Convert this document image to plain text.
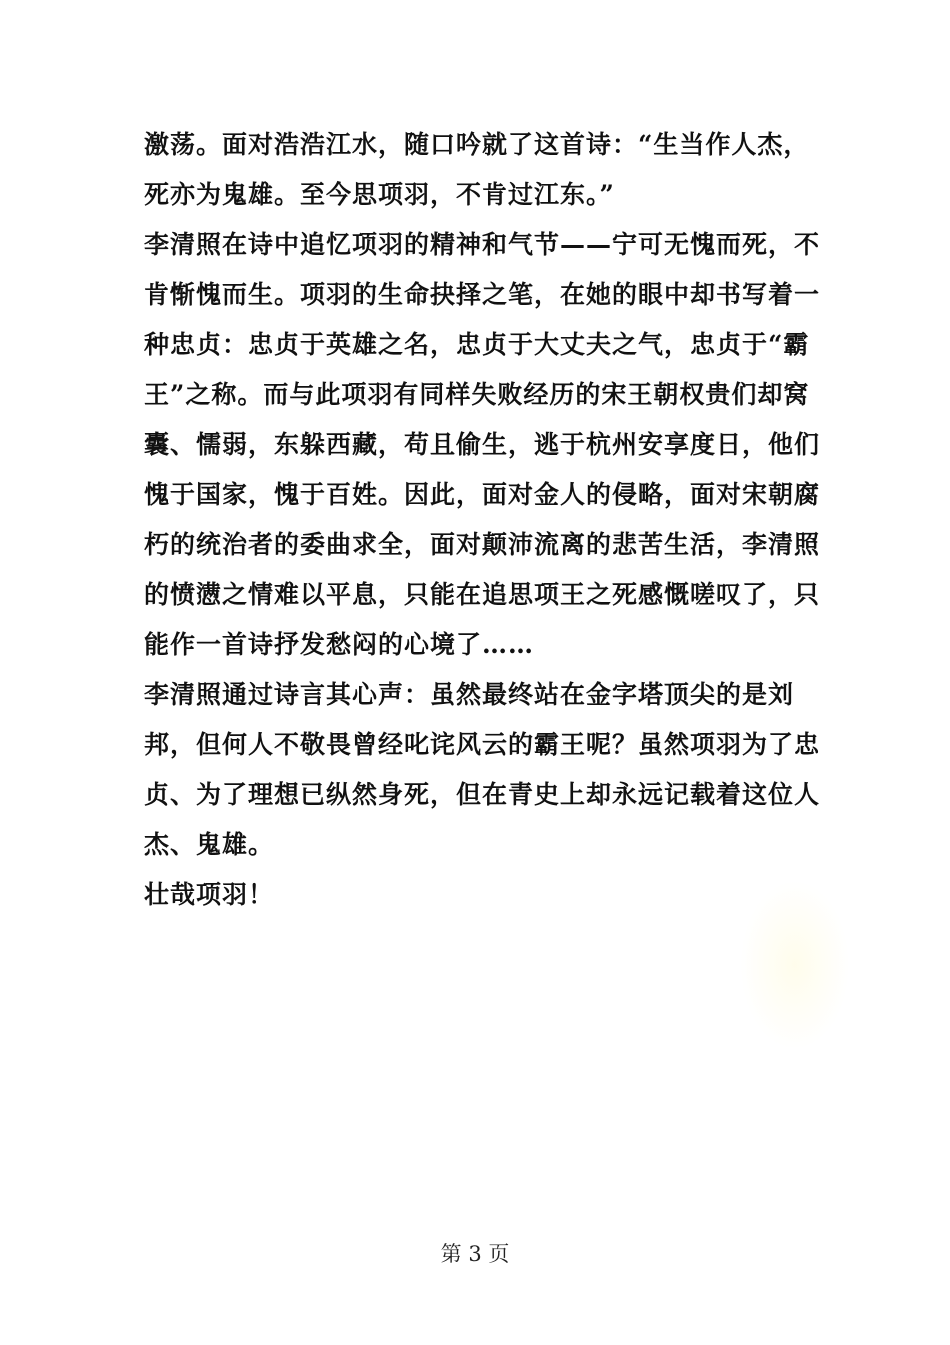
激荡。面对浩浩江水，随口吟就了这首诗：“生当作人杰，
死亦为鬼雄。至今思项羽，不肯过江东。”
李清照在诗中追忆项羽的精神和气节——宁可无愧而死，不
肯惭愧而生。项羽的生命抉择之笔，在她的眼中却书写着一
种忠贞：忠贞于英雄之名，忠贞于大丈夫之气，忠贞于“霸
王”之称。而与此项羽有同样失败经历的宋王朝权贵们却窝
囊、懦弱，东躲西藏，苟且偷生，逃于杭州安享度日，他们
愧于国家，愧于百姓。因此，面对金人的侵略，面对宋朝腐
朽的统治者的委曲求全，面对颠沛流离的悲苦生活，李清照
的愤懑之情难以平息，只能在追思项王之死感慨嗟叹了，只
能作一首诗抒发愁闷的心境了……
李清照通过诗言其心声：虽然最终站在金字塔顶尖的是刘
邦，但何人不敬畏曾经叱诧风云的霸王呢？虽然项羽为了忠
贞、为了理想已纵然身死，但在青史上却永远记载着这位人
杰、鬼雄。
壮哉项羽！
第 3 页
